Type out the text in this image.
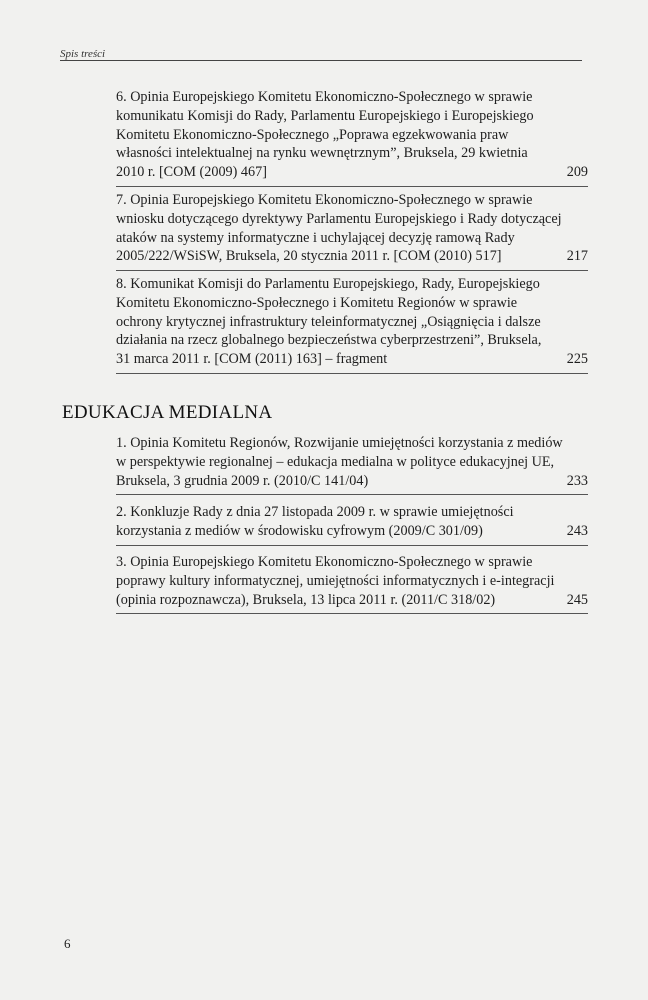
Spis treści
6. Opinia Europejskiego Komitetu Ekonomiczno-Społecznego w sprawie
komunikatu Komisji do Rady, Parlamentu Europejskiego i Europejskiego
Komitetu Ekonomiczno-Społecznego „Poprawa egzekwowania praw
własności intelektualnej na rynku wewnętrznym”, Bruksela, 29 kwietnia
2010 r. [COM (2009) 467]	209
7. Opinia Europejskiego Komitetu Ekonomiczno-Społecznego w sprawie
wniosku dotyczącego dyrektywy Parlamentu Europejskiego i Rady dotyczącej
ataków na systemy informatyczne i uchylającej decyzję ramową Rady
2005/222/WSiSW, Bruksela, 20 stycznia 2011 r. [COM (2010) 517]	217
8. Komunikat Komisji do Parlamentu Europejskiego, Rady, Europejskiego
Komitetu Ekonomiczno-Społecznego i Komitetu Regionów w sprawie
ochrony krytycznej infrastruktury teleinformatycznej „Osiągnięcia i dalsze
działania na rzecz globalnego bezpieczeństwa cyberprzestrzeni”, Bruksela,
31 marca 2011 r. [COM (2011) 163] – fragment	225
EDUKACJA MEDIALNA
1. Opinia Komitetu Regionów, Rozwijanie umiejętności korzystania z mediów
w perspektywie regionalnej – edukacja medialna w polityce edukacyjnej UE,
Bruksela, 3 grudnia 2009 r. (2010/C 141/04)	233
2. Konkluzje Rady z dnia 27 listopada 2009 r. w sprawie umiejętności
korzystania z mediów w środowisku cyfrowym (2009/C 301/09)	243
3. Opinia Europejskiego Komitetu Ekonomiczno-Społecznego w sprawie
poprawy kultury informatycznej, umiejętności informatycznych i e-integracji
(opinia rozpoznawcza), Bruksela, 13 lipca 2011 r. (2011/C 318/02)	245
6
